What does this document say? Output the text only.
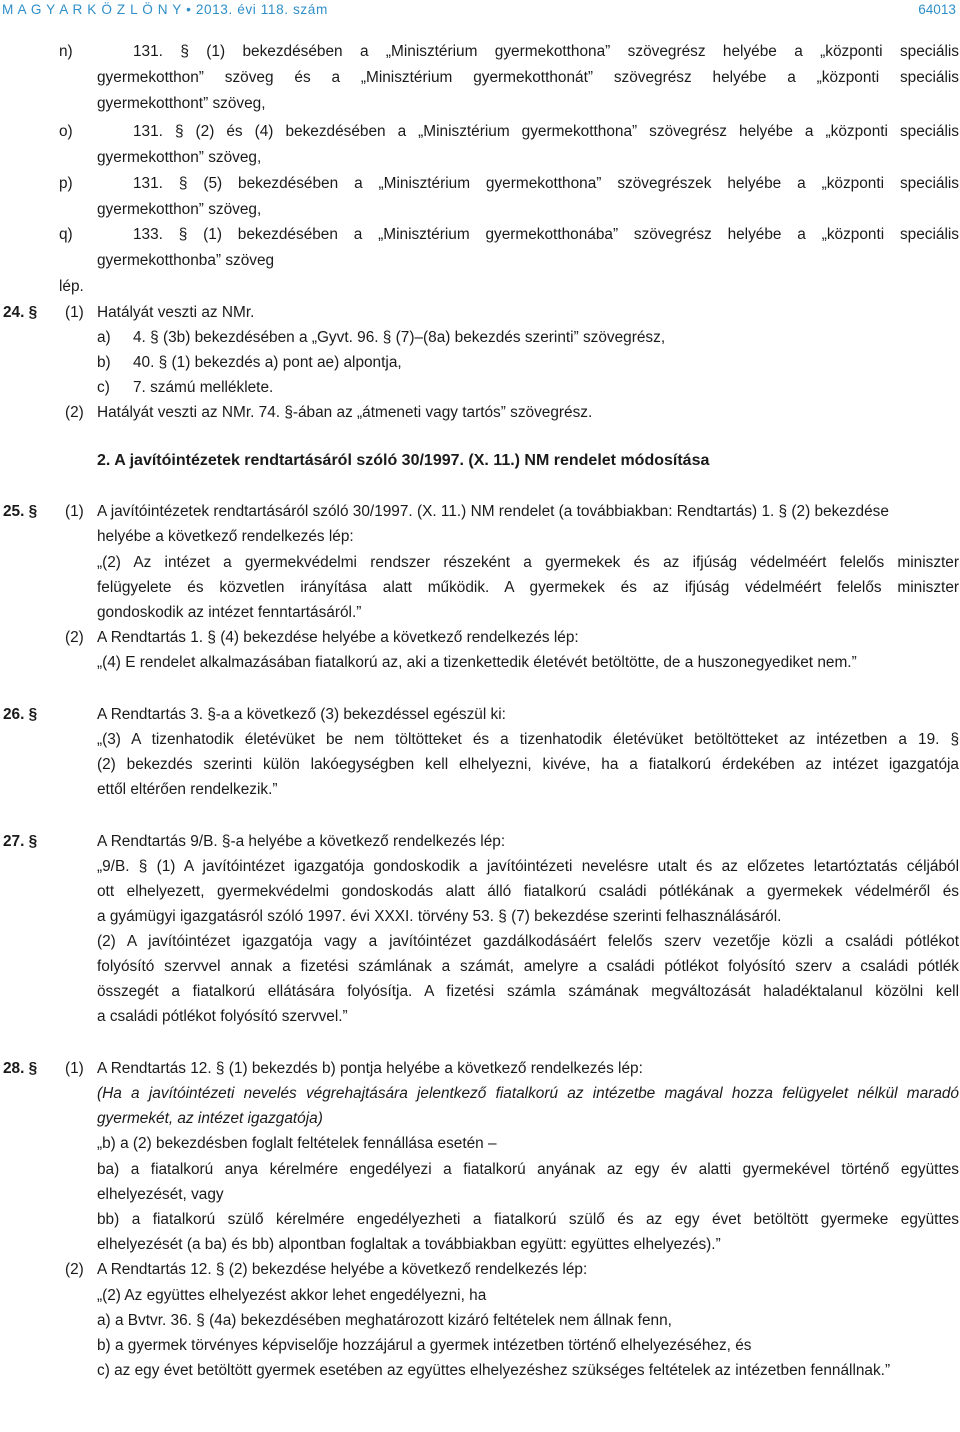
M A G Y A R K Ö Z L Ö N Y • 2013. évi 118. szám	64013
n)	131. § (1) bekezdésében a „Minisztérium gyermekotthona” szövegrész helyébe a „központi speciális
gyermekotthon” szöveg és a „Minisztérium gyermekotthonát” szövegrész helyébe a „központi speciális
gyermekotthont” szöveg,
o)	131. § (2) és (4) bekezdésében a „Minisztérium gyermekotthona” szövegrész helyébe a „központi speciális
gyermekotthon” szöveg,
p)	131. § (5) bekezdésében a „Minisztérium gyermekotthona” szövegrészek helyébe a „központi speciális
gyermekotthon” szöveg,
q)	133. § (1) bekezdésében a „Minisztérium gyermekotthonába” szövegrész helyébe a „központi speciális
gyermekotthonba” szöveg
lép.
24. § (1) Hatályát veszti az NMr.
a) 4. § (3b) bekezdésében a „Gyvt. 96. § (7)–(8a) bekezdés szerinti” szövegrész,
b) 40. § (1) bekezdés a) pont ae) alpontja,
c) 7. számú melléklete.
(2) Hatályát veszti az NMr. 74. §-ában az „átmeneti vagy tartós” szövegrész.
2. A javítóintézetek rendtartásáról szóló 30/1997. (X. 11.) NM rendelet módosítása
25. § (1) A javítóintézetek rendtartásáról szóló 30/1997. (X. 11.) NM rendelet (a továbbiakban: Rendtartás) 1. § (2) bekezdése
helyébe a következő rendelkezés lép:
„(2) Az intézet a gyermekvédelmi rendszer részeként a gyermekek és az ifjúság védelméért felelős miniszter
felügyelete és közvetlen irányítása alatt működik. A gyermekek és az ifjúság védelméért felelős miniszter
gondoskodik az intézet fenntartásáról.”
(2) A Rendtartás 1. § (4) bekezdése helyébe a következő rendelkezés lép:
„(4) E rendelet alkalmazásában fiatalkorú az, aki a tizenkettedik életévét betöltötte, de a huszonegyediket nem.”
26. §	A Rendtartás 3. §-a a következő (3) bekezdéssel egészül ki:
„(3) A tizenhatodik életévüket be nem töltötteket és a tizenhatodik életévüket betöltötteket az intézetben a 19. §
(2) bekezdés szerinti külön lakóegységben kell elhelyezni, kivéve, ha a fiatalkorú érdekében az intézet igazgatója
ettől eltérően rendelkezik.”
27. §	A Rendtartás 9/B. §-a helyébe a következő rendelkezés lép:
„9/B. § (1) A javítóintézet igazgatója gondoskodik a javítóintézeti nevelésre utalt és az előzetes letartóztatás céljából
ott elhelyezett, gyermekvédelmi gondoskodás alatt álló fiatalkorú családi pótlékának a gyermekek védelméről és
a gyámügyi igazgatásról szóló 1997. évi XXXI. törvény 53. § (7) bekezdése szerinti felhasználásáról.
(2) A javítóintézet igazgatója vagy a javítóintézet gazdálkodásáért felelős szerv vezetője közli a családi pótlékot
folyósító szervvel annak a fizetési számlának a számát, amelyre a családi pótlékot folyósító szerv a családi pótlék
összegét a fiatalkorú ellátására folyósítja. A fizetési számla számának megváltozását haladéktalanul közölni kell
a családi pótlékot folyósító szervvel.”
28. § (1) A Rendtartás 12. § (1) bekezdés b) pontja helyébe a következő rendelkezés lép:
(Ha a javítóintézeti nevelés végrehajtására jelentkező fiatalkorú az intézetbe magával hozza felügyelet nélkül maradó
gyermekét, az intézet igazgatója)
„b) a (2) bekezdésben foglalt feltételek fennállása esetén –
ba) a fiatalkorú anya kérelmére engedélyezi a fiatalkorú anyának az egy év alatti gyermekével történő együttes
elhelyezését, vagy
bb) a fiatalkorú szülő kérelmére engedélyezheti a fiatalkorú szülő és az egy évet betöltött gyermeke együttes
elhelyezését (a ba) és bb) alpontban foglaltak a továbbiakban együtt: együttes elhelyezés).”
(2) A Rendtartás 12. § (2) bekezdése helyébe a következő rendelkezés lép:
„(2) Az együttes elhelyezést akkor lehet engedélyezni, ha
a) a Bvtvr. 36. § (4a) bekezdésében meghatározott kizáró feltételek nem állnak fenn,
b) a gyermek törvényes képviselője hozzájárul a gyermek intézetben történő elhelyezéséhez, és
c) az egy évet betöltött gyermek esetében az együttes elhelyezéshez szükséges feltételek az intézetben fennállnak.”
